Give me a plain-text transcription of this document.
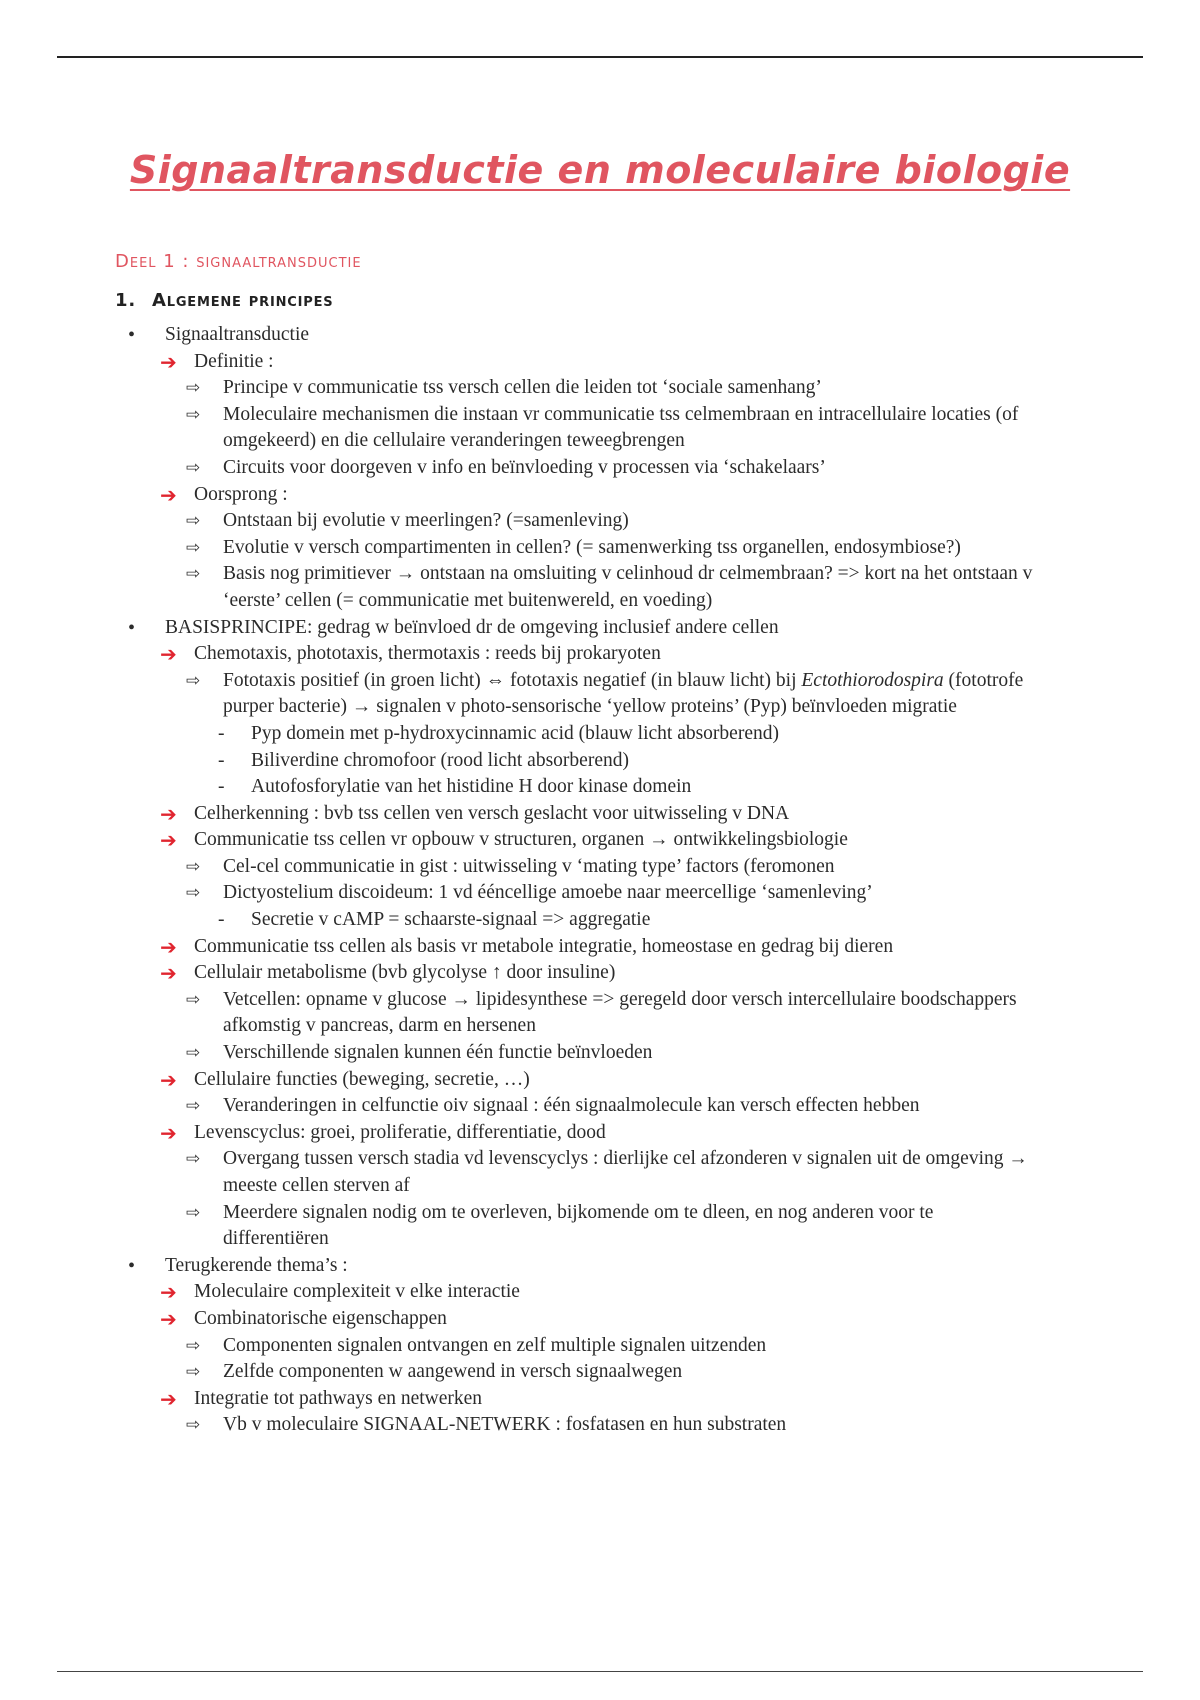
Signaaltransductie en moleculaire biologie
Deel 1 : signaaltransductie
1. Algemene principes
• Signaaltransductie
➔ Definitie :
⇨ Principe v communicatie tss versch cellen die leiden tot ‘sociale samenhang’
⇨ Moleculaire mechanismen die instaan vr communicatie tss celmembraan en intracellulaire locaties (of
omgekeerd) en die cellulaire veranderingen teweegbrengen
⇨ Circuits voor doorgeven v info en beïnvloeding v processen via ‘schakelaars’
➔ Oorsprong :
⇨ Ontstaan bij evolutie v meerlingen? (=samenleving)
⇨ Evolutie v versch compartimenten in cellen? (= samenwerking tss organellen, endosymbiose?)
⇨ Basis nog primitiever → ontstaan na omsluiting v celinhoud dr celmembraan? => kort na het ontstaan v
‘eerste’ cellen (= communicatie met buitenwereld, en voeding)
• BASISPRINCIPE: gedrag w beïnvloed dr de omgeving inclusief andere cellen
➔ Chemotaxis, phototaxis, thermotaxis : reeds bij prokaryoten
⇨ Fototaxis positief (in groen licht) ⇔ fototaxis negatief (in blauw licht) bij Ectothiorodospira (fototrofe
purper bacterie) → signalen v photo-sensorische ‘yellow proteins’ (Pyp) beïnvloeden migratie
- Pyp domein met p-hydroxycinnamic acid (blauw licht absorberend)
- Biliverdine chromofoor (rood licht absorberend)
- Autofosforylatie van het histidine H door kinase domein
➔ Celherkenning : bvb tss cellen ven versch geslacht voor uitwisseling v DNA
➔ Communicatie tss cellen vr opbouw v structuren, organen → ontwikkelingsbiologie
⇨ Cel-cel communicatie in gist : uitwisseling v ‘mating type’ factors (feromonen
⇨ Dictyostelium discoideum: 1 vd ééncellige amoebe naar meercellige ‘samenleving’
- Secretie v cAMP = schaarste-signaal => aggregatie
➔ Communicatie tss cellen als basis vr metabole integratie, homeostase en gedrag bij dieren
➔ Cellulair metabolisme (bvb glycolyse ↑ door insuline)
⇨ Vetcellen: opname v glucose → lipidesynthese => geregeld door versch intercellulaire boodschappers
afkomstig v pancreas, darm en hersenen
⇨ Verschillende signalen kunnen één functie beïnvloeden
➔ Cellulaire functies (beweging, secretie, …)
⇨ Veranderingen in celfunctie oiv signaal : één signaalmolecule kan versch effecten hebben
➔ Levenscyclus: groei, proliferatie, differentiatie, dood
⇨ Overgang tussen versch stadia vd levenscyclys : dierlijke cel afzonderen v signalen uit de omgeving →
meeste cellen sterven af
⇨ Meerdere signalen nodig om te overleven, bijkomende om te dleen, en nog anderen voor te
differentiëren
• Terugkerende thema’s :
➔ Moleculaire complexiteit v elke interactie
➔ Combinatorische eigenschappen
⇨ Componenten signalen ontvangen en zelf multiple signalen uitzenden
⇨ Zelfde componenten w aangewend in versch signaalwegen
➔ Integratie tot pathways en netwerken
⇨ Vb v moleculaire SIGNAAL-NETWERK : fosfatasen en hun substraten
